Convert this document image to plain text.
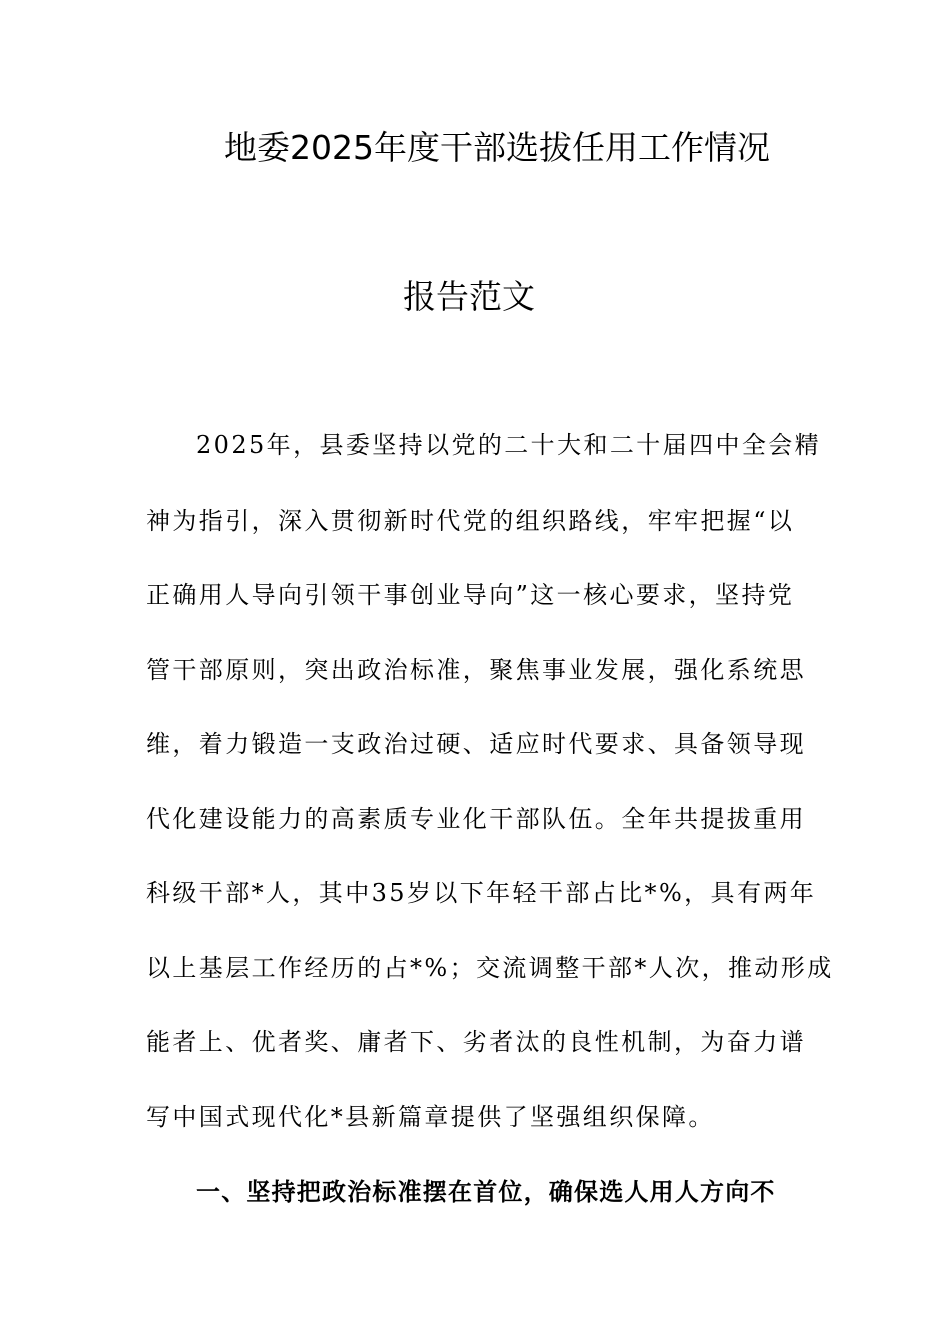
地委2025年度干部选拔任用工作情况
报告范文
2025年，县委坚持以党的二十大和二十届四中全会精
神为指引，深入贯彻新时代党的组织路线，牢牢把握“以
正确用人导向引领干事创业导向”这一核心要求，坚持党
管干部原则，突出政治标准，聚焦事业发展，强化系统思
维，着力锻造一支政治过硬、适应时代要求、具备领导现
代化建设能力的高素质专业化干部队伍。全年共提拔重用
科级干部*人，其中35岁以下年轻干部占比*%，具有两年
以上基层工作经历的占*%；交流调整干部*人次，推动形成
能者上、优者奖、庸者下、劣者汰的良性机制，为奋力谱
写中国式现代化*县新篇章提供了坚强组织保障。
一、坚持把政治标准摆在首位，确保选人用人方向不
